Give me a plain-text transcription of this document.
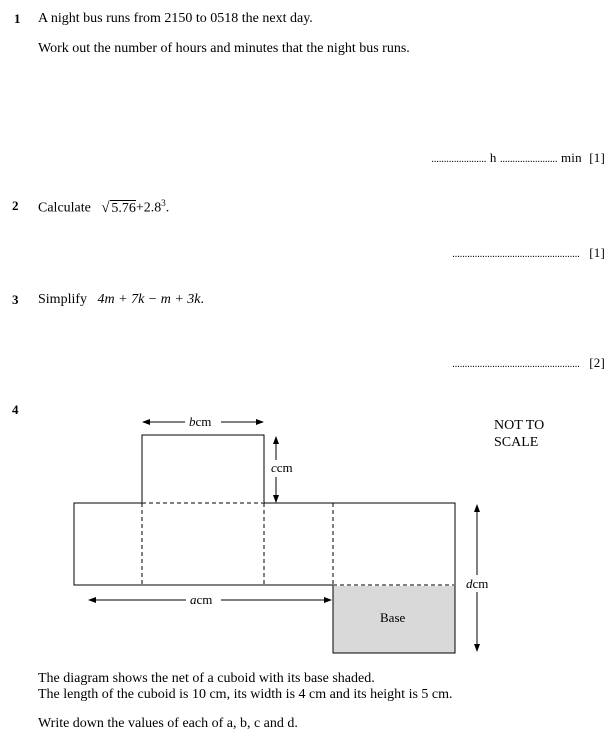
1 A night bus runs from 2150 to 0518 the next day.
Work out the number of hours and minutes that the night bus runs.
...................... h ....................... min [1]
2 Calculate √ $5.76+2.8^3$.
................................................... [1]
3 Simplify 4m + 7k − m + 3k.
................................................... [2]
4
NOT TO
SCALE
bcm
ccm
acm
dcm
Base
The diagram shows the net of a cuboid with its base shaded.
The length of the cuboid is 10 cm, its width is 4 cm and its height is 5 cm.
Write down the values of each of a, b, c and d.
